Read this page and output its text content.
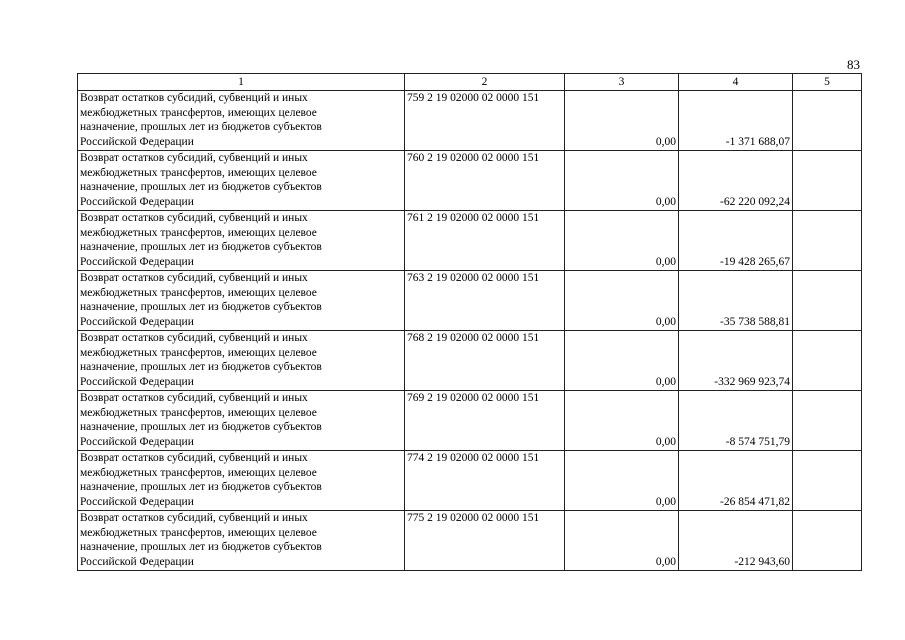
83
1	2	3	4	5
Возврат остатков субсидий, субвенций и иных
межбюджетных трансфертов, имеющих целевое
назначение, прошлых лет из бюджетов субъектов
Российской Федерации	759 2 19 02000 02 0000 151	0,00	-1 371 688,07	
Возврат остатков субсидий, субвенций и иных
межбюджетных трансфертов, имеющих целевое
назначение, прошлых лет из бюджетов субъектов
Российской Федерации	760 2 19 02000 02 0000 151	0,00	-62 220 092,24	
Возврат остатков субсидий, субвенций и иных
межбюджетных трансфертов, имеющих целевое
назначение, прошлых лет из бюджетов субъектов
Российской Федерации	761 2 19 02000 02 0000 151	0,00	-19 428 265,67	
Возврат остатков субсидий, субвенций и иных
межбюджетных трансфертов, имеющих целевое
назначение, прошлых лет из бюджетов субъектов
Российской Федерации	763 2 19 02000 02 0000 151	0,00	-35 738 588,81	
Возврат остатков субсидий, субвенций и иных
межбюджетных трансфертов, имеющих целевое
назначение, прошлых лет из бюджетов субъектов
Российской Федерации	768 2 19 02000 02 0000 151	0,00	-332 969 923,74	
Возврат остатков субсидий, субвенций и иных
межбюджетных трансфертов, имеющих целевое
назначение, прошлых лет из бюджетов субъектов
Российской Федерации	769 2 19 02000 02 0000 151	0,00	-8 574 751,79	
Возврат остатков субсидий, субвенций и иных
межбюджетных трансфертов, имеющих целевое
назначение, прошлых лет из бюджетов субъектов
Российской Федерации	774 2 19 02000 02 0000 151	0,00	-26 854 471,82	
Возврат остатков субсидий, субвенций и иных
межбюджетных трансфертов, имеющих целевое
назначение, прошлых лет из бюджетов субъектов
Российской Федерации	775 2 19 02000 02 0000 151	0,00	-212 943,60	
